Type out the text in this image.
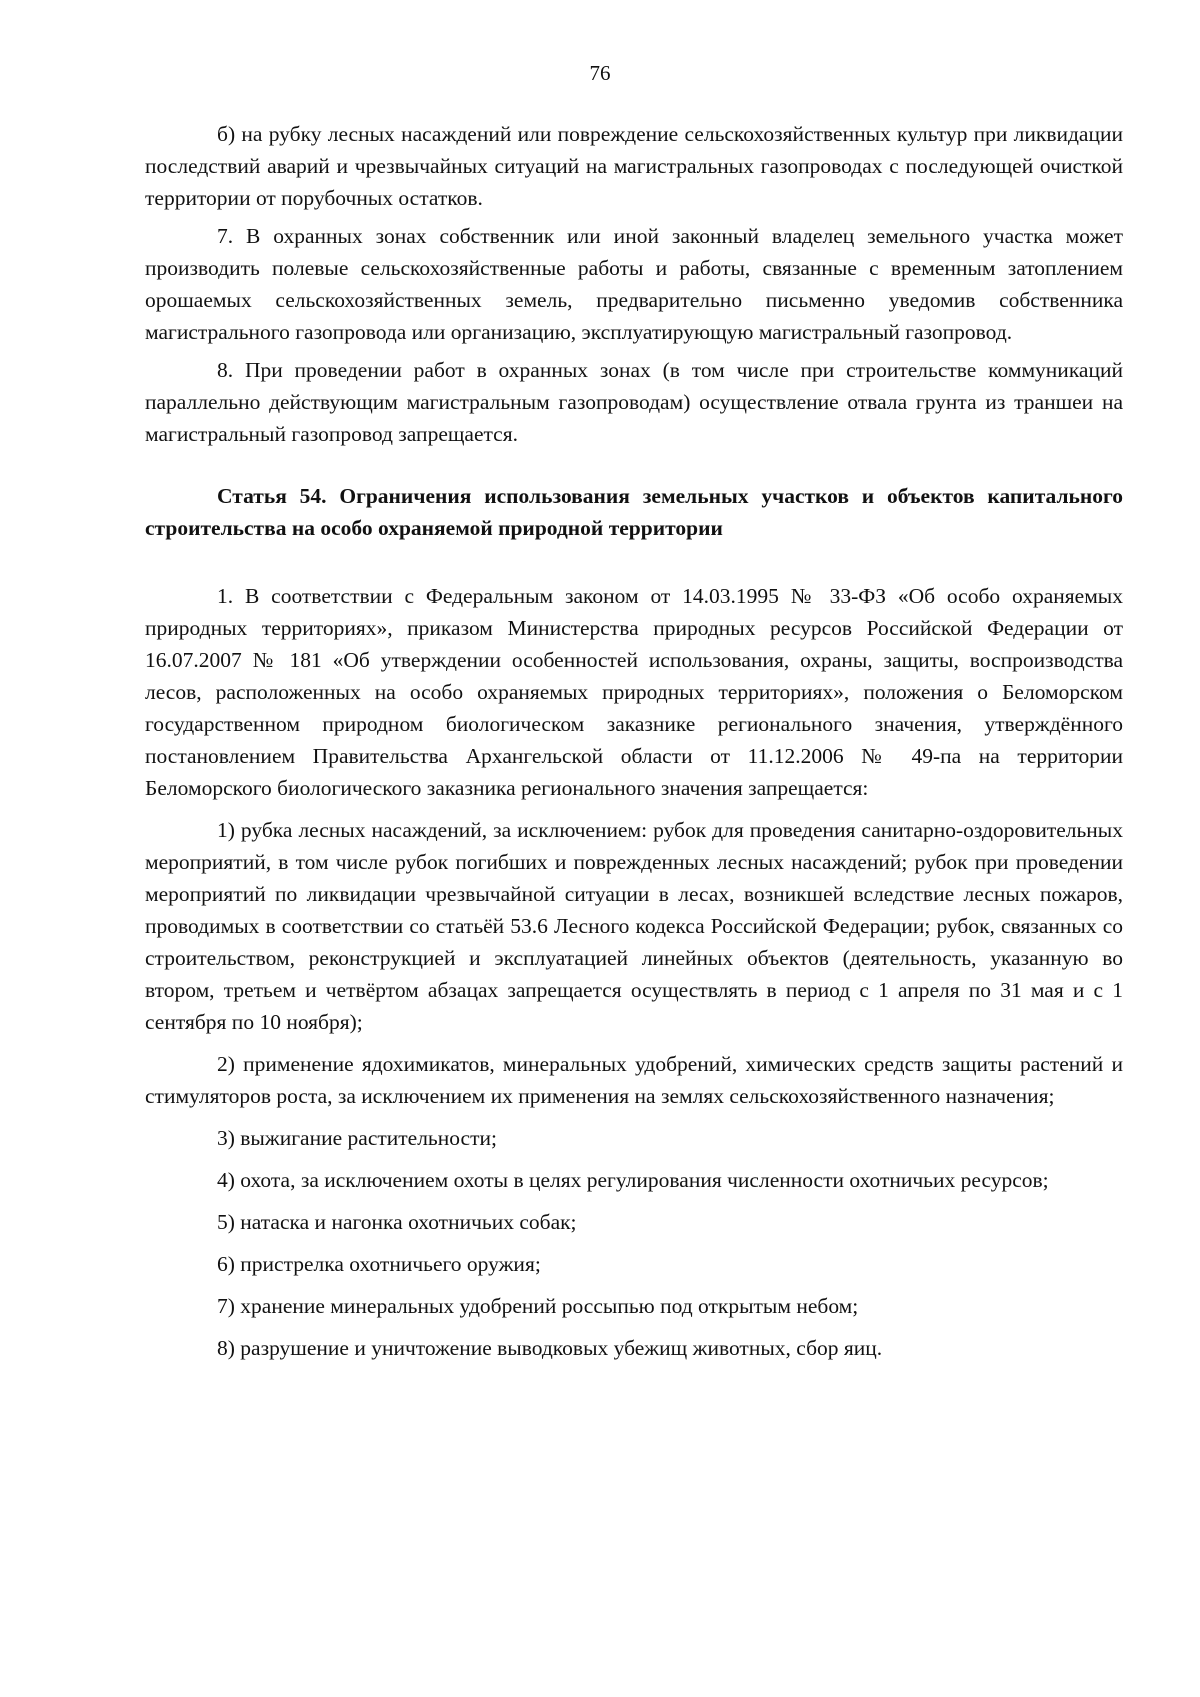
76

б) на рубку лесных насаждений или повреждение сельскохозяйственных культур при ликвидации последствий аварий и чрезвычайных ситуаций на магистральных газопроводах с последующей очисткой территории от порубочных остатков.

7. В охранных зонах собственник или иной законный владелец земельного участка может производить полевые сельскохозяйственные работы и работы, связанные с временным затоплением орошаемых сельскохозяйственных земель, предварительно письменно уведомив собственника магистрального газопровода или организацию, эксплуатирующую магистральный газопровод.

8. При проведении работ в охранных зонах (в том числе при строительстве коммуникаций параллельно действующим магистральным газопроводам) осуществление отвала грунта из траншеи на магистральный газопровод запрещается.

Статья 54. Ограничения использования земельных участков и объектов капитального строительства на особо охраняемой природной территории

1. В соответствии с Федеральным законом от 14.03.1995 № 33-ФЗ «Об особо охраняемых природных территориях», приказом Министерства природных ресурсов Российской Федерации от 16.07.2007 № 181 «Об утверждении особенностей использования, охраны, защиты, воспроизводства лесов, расположенных на особо охраняемых природных территориях», положения о Беломорском государственном природном биологическом заказнике регионального значения, утверждённого постановлением Правительства Архангельской области от 11.12.2006 № 49-па на территории Беломорского биологического заказника регионального значения запрещается:

1) рубка лесных насаждений, за исключением: рубок для проведения санитарно-оздоровительных мероприятий, в том числе рубок погибших и поврежденных лесных насаждений; рубок при проведении мероприятий по ликвидации чрезвычайной ситуации в лесах, возникшей вследствие лесных пожаров, проводимых в соответствии со статьёй 53.6 Лесного кодекса Российской Федерации; рубок, связанных со строительством, реконструкцией и эксплуатацией линейных объектов (деятельность, указанную во втором, третьем и четвёртом абзацах запрещается осуществлять в период с 1 апреля по 31 мая и с 1 сентября по 10 ноября);

2) применение ядохимикатов, минеральных удобрений, химических средств защиты растений и стимуляторов роста, за исключением их применения на землях сельскохозяйственного назначения;

3) выжигание растительности;

4) охота, за исключением охоты в целях регулирования численности охотничьих ресурсов;

5) натаска и нагонка охотничьих собак;

6) пристрелка охотничьего оружия;

7) хранение минеральных удобрений россыпью под открытым небом;

8) разрушение и уничтожение выводковых убежищ животных, сбор яиц.
